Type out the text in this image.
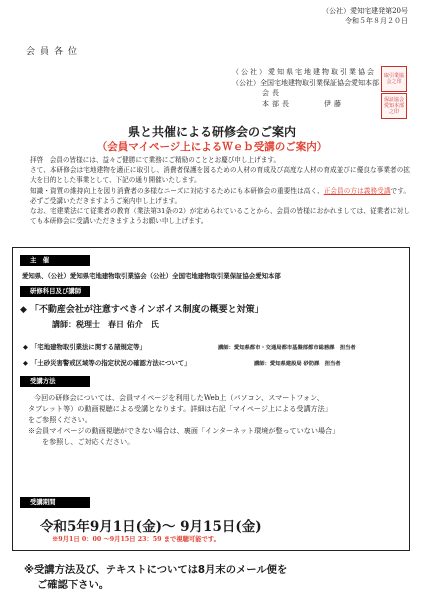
（公社）愛知宅建発第20号
令和５年８月２０日
会員各位
（公社）愛知県宅地建物取引業協会
（公社）全国宅地建物取引業保証協会愛知本部
会長
本部長	伊藤　　
取引業協会之印
保証協会愛知本部之印
県と共催による研修会のご案内
（会員マイページ上によるＷｅｂ受講のご案内）

拝啓　会員の皆様には、益々ご健勝にて業務にご精励のこととお慶び申し上げます。

さて、本研修会は宅地建物を適正に取引し、消費者保護を図るための人材の育成及び高度な人材の育成並びに優良な事業者の拡大を目的とした事業として、下記の通り開催いたします。

知識・資質の維持向上を図り消費者の多様なニーズに対応するためにも本研修会の重要性は高く、正会員の方は義務受講です。必ずご受講いただきますようご案内申し上げます。

なお、宅建業法にて従業者の教育（業法第31条の2）が定められていることから、会員の皆様におかれましては、従業者に対しても本研修会に受講いただきますようお願い申し上げます。

主　催
愛知県、（公社）愛知県宅地建物取引業協会（公社）全国宅地建物取引業保証協会愛知本部
研修科目及び講師
◆ 「不動産会社が注意すべきインボイス制度の概要と対策」
講師：税理士　春日 佑介　氏
◆ 「宅地建物取引業法に関する諸規定等」	講師：愛知県都市・交通局都市基盤部都市総務課　担当者
◆ 「土砂災害警戒区域等の指定状況の確認方法について」	講師：愛知県建設局 砂防課　担当者
受講方法
今回の研修会については、会員マイページを利用したWeb上（パソコン、スマートフォン、
タブレット等）の動画視聴による受講となります。詳細は右記「マイページ上による受講方法」
をご参照ください。
※会員マイページの動画視聴ができない場合は、裏面「インターネット環境が整っていない場合」
を参照し、ご対応ください。
受講期間
令和5年9月1日(金)～ 9月15日(金)
※9月1日 0：00 ～9月15日 23：59 まで視聴可能です。
※受講方法及び、テキストについては8月末のメール便を
ご確認下さい。
